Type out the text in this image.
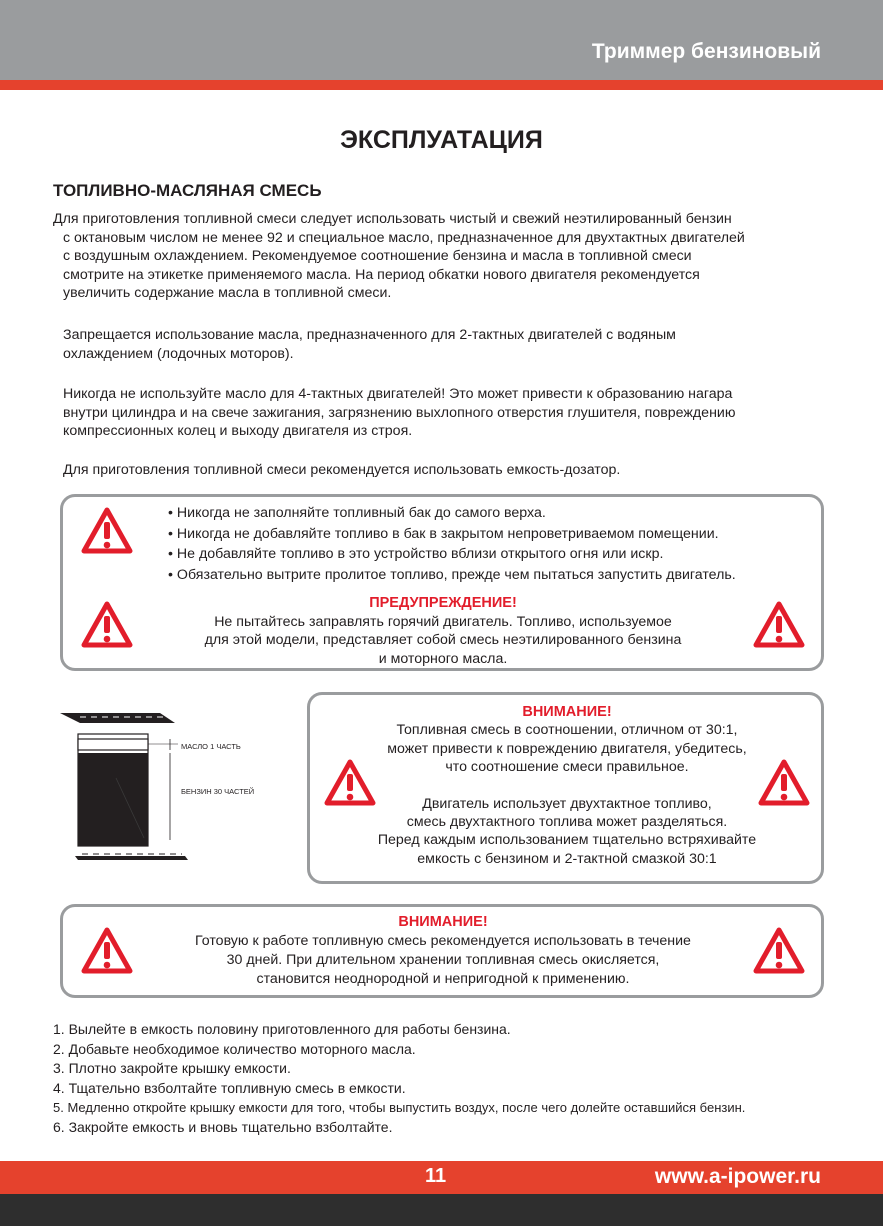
Триммер бензиновый
ЭКСПЛУАТАЦИЯ
ТОПЛИВНО-МАСЛЯНАЯ СМЕСЬ
Для приготовления топливной смеси следует использовать чистый и свежий неэтилированный бензин
с октановым числом не менее 92 и специальное масло, предназначенное для двухтактных двигателей
с воздушным охлаждением. Рекомендуемое соотношение бензина и масла в топливной смеси
смотрите на этикетке применяемого масла. На период обкатки нового двигателя рекомендуется
увеличить содержание масла в топливной смеси.
Запрещается использование масла, предназначенного для 2-тактных двигателей с водяным
охлаждением (лодочных моторов).
Никогда не используйте масло для 4-тактных двигателей! Это может привести к образованию нагара
внутри цилиндра и на свече зажигания, загрязнению выхлопного отверстия глушителя, повреждению
компрессионных колец и выходу двигателя из строя.
Для приготовления топливной смеси рекомендуется использовать емкость-дозатор.
ПРЕДУПРЕЖДЕНИЕ!
Не пытайтесь заправлять горячий двигатель. Топливо, используемое
для этой модели, представляет собой смесь неэтилированного бензина
и моторного масла.
• Никогда не заполняйте топливный бак до самого верха.
• Никогда не добавляйте топливо в бак в закрытом непроветриваемом помещении.
• Не добавляйте топливо в это устройство вблизи открытого огня или искр.
• Обязательно вытрите пролитое топливо, прежде чем пытаться запустить двигатель.
МАСЛО 1 ЧАСТЬ
БЕНЗИН 30 ЧАСТЕЙ
ВНИМАНИЕ!
Топливная смесь в соотношении, отличном от 30:1,
может привести к повреждению двигателя, убедитесь,
что соотношение смеси правильное.
Двигатель использует двухтактное топливо,
смесь двухтактного топлива может разделяться.
Перед каждым использованием тщательно встряхивайте
емкость с бензином и 2-тактной смазкой 30:1
ВНИМАНИЕ!
Готовую к работе топливную смесь рекомендуется использовать в течение
30 дней. При длительном хранении топливная смесь окисляется,
становится неоднородной и непригодной к применению.
1. Вылейте в емкость половину приготовленного для работы бензина.
2. Добавьте необходимое количество моторного масла.
3. Плотно закройте крышку емкости.
4. Тщательно взболтайте топливную смесь в емкости.
5. Медленно откройте крышку емкости для того, чтобы выпустить воздух, после чего долейте оставшийся бензин.
6. Закройте емкость и вновь тщательно взболтайте.
11	www.a-ipower.ru
